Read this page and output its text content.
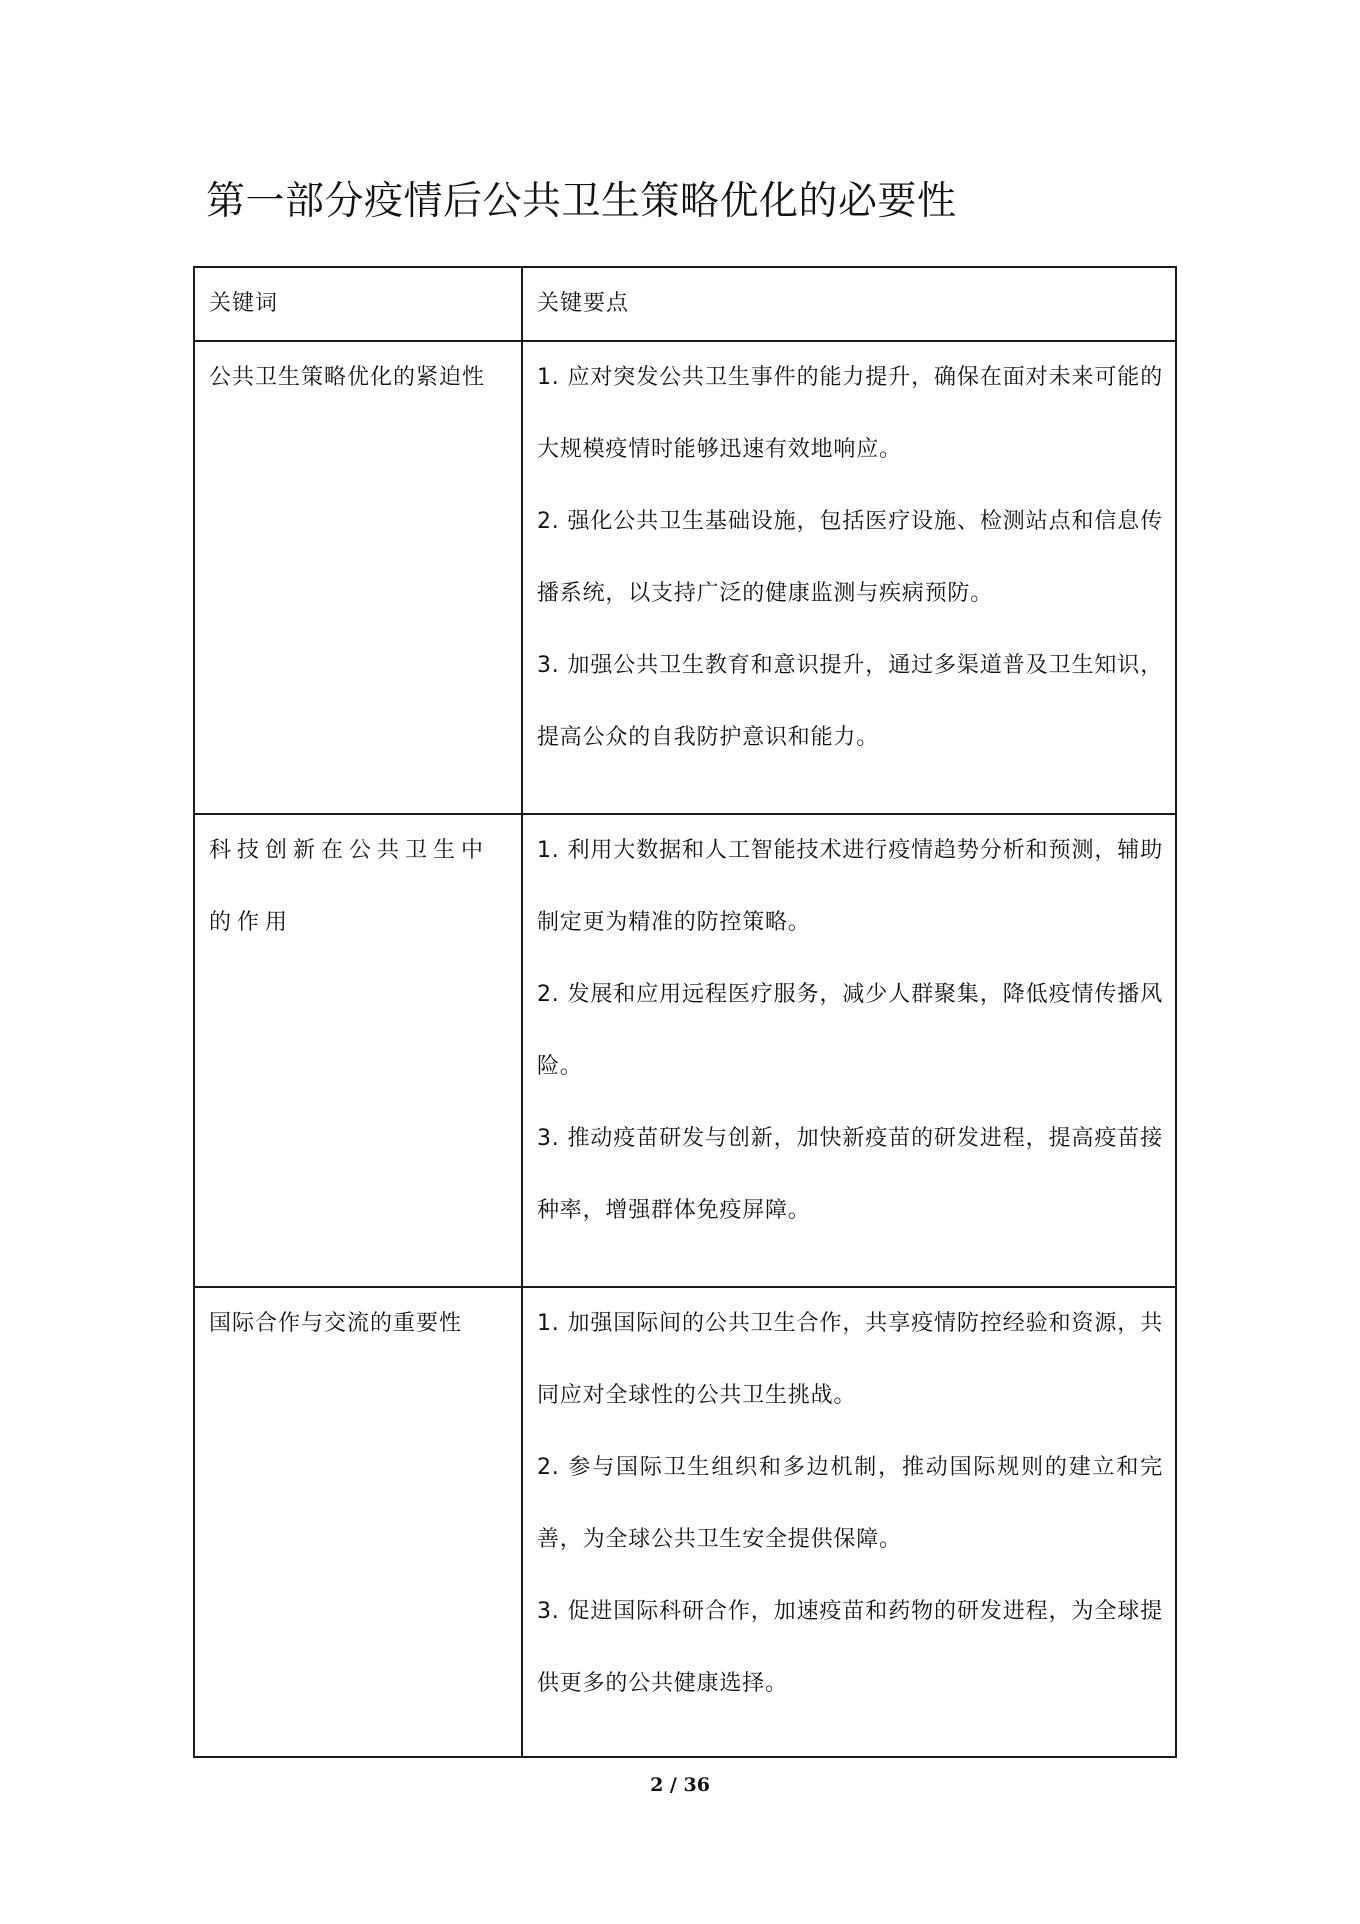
第一部分疫情后公共卫生策略优化的必要性
关键词	关键要点

公共卫生策略优化的紧迫性	1. 应对突发公共卫生事件的能力提升，确保在面对未来可能的大规模疫情时能够迅速有效地响应。
2. 强化公共卫生基础设施，包括医疗设施、检测站点和信息传播系统，以支持广泛的健康监测与疾病预防。
3. 加强公共卫生教育和意识提升，通过多渠道普及卫生知识，提高公众的自我防护意识和能力。

科技创新在公共卫生中的作用	1. 利用大数据和人工智能技术进行疫情趋势分析和预测，辅助制定更为精准的防控策略。
2. 发展和应用远程医疗服务，减少人群聚集，降低疫情传播风险。
3. 推动疫苗研发与创新，加快新疫苗的研发进程，提高疫苗接种率，增强群体免疫屏障。

国际合作与交流的重要性	1. 加强国际间的公共卫生合作，共享疫情防控经验和资源，共同应对全球性的公共卫生挑战。
2. 参与国际卫生组织和多边机制，推动国际规则的建立和完善，为全球公共卫生安全提供保障。
3. 促进国际科研合作，加速疫苗和药物的研发进程，为全球提供更多的公共健康选择。
2 / 36
